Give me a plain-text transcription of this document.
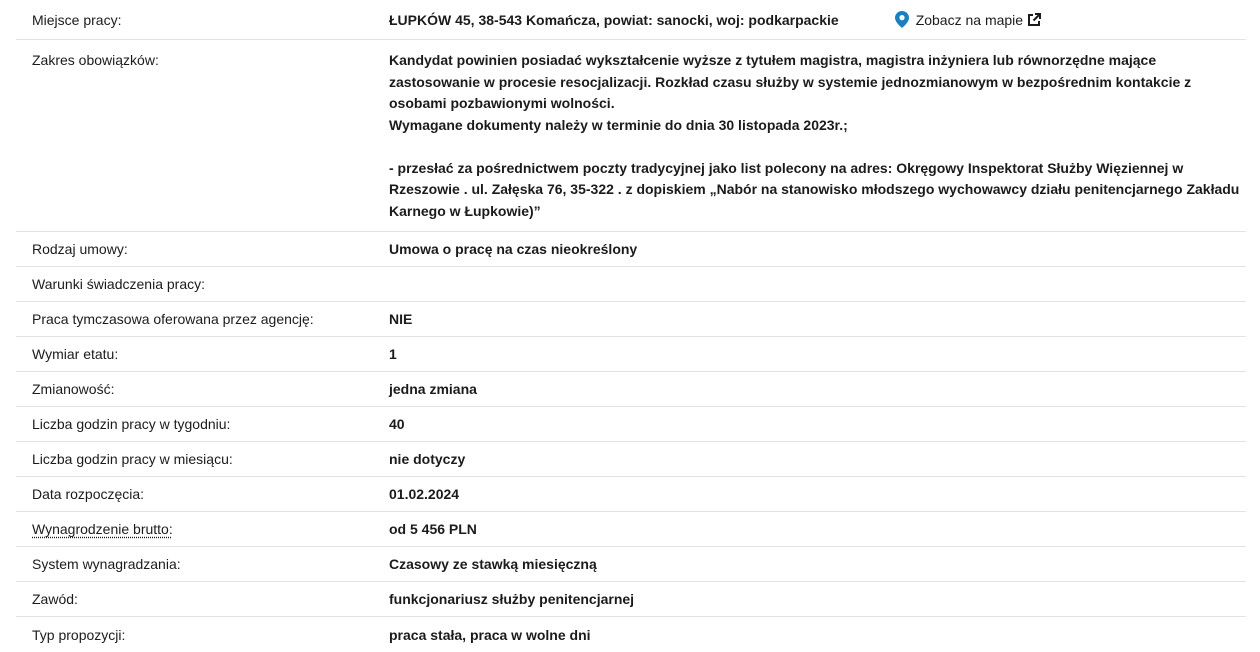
Miejsce pracy:	ŁUPKÓW 45, 38-543 Komańcza, powiat: sanocki, woj: podkarpackie	Zobacz na mapie
Zakres obowiązków:	Kandydat powinien posiadać wykształcenie wyższe z tytułem magistra, magistra inżyniera lub równorzędne mające zastosowanie w procesie resocjalizacji. Rozkład czasu służby w systemie jednozmianowym w bezpośrednim kontakcie z osobami pozbawionymi wolności.
Wymagane dokumenty należy w terminie do dnia 30 listopada 2023r.;
- przesłać za pośrednictwem poczty tradycyjnej jako list polecony na adres: Okręgowy Inspektorat Służby Więziennej w Rzeszowie . ul. Załęska 76, 35-322 . z dopiskiem „Nabór na stanowisko młodszego wychowawcy działu penitencjarnego Zakładu Karnego w Łupkowie)”
Rodzaj umowy:	Umowa o pracę na czas nieokreślony
Warunki świadczenia pracy:
Praca tymczasowa oferowana przez agencję:	NIE
Wymiar etatu:	1
Zmianowość:	jedna zmiana
Liczba godzin pracy w tygodniu:	40
Liczba godzin pracy w miesiącu:	nie dotyczy
Data rozpoczęcia:	01.02.2024
Wynagrodzenie brutto:	od 5 456 PLN
System wynagradzania:	Czasowy ze stawką miesięczną
Zawód:	funkcjonariusz służby penitencjarnej
Typ propozycji:	praca stała, praca w wolne dni
